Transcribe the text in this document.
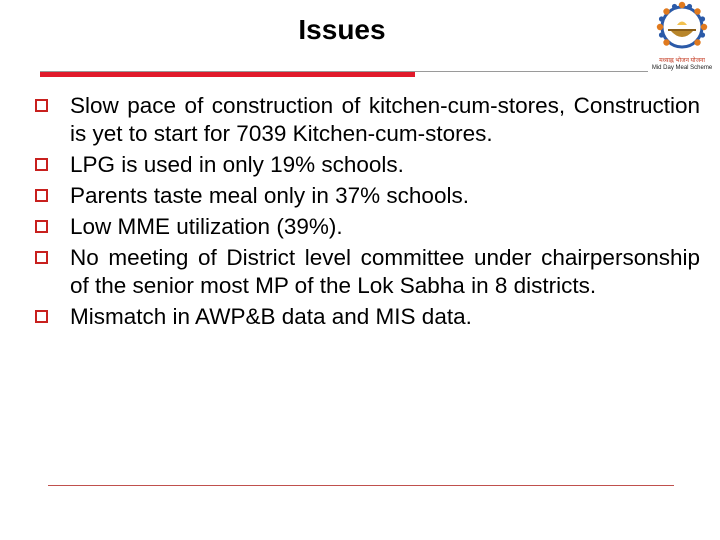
Issues
मध्याह्न भोजन योजना
Mid Day Meal Scheme
Slow pace of construction of kitchen-cum-stores, Construction is yet to start for 7039 Kitchen-cum-stores.
LPG is used in only 19% schools.
Parents taste meal only in 37% schools.
Low MME utilization (39%).
No meeting of District level committee under chairpersonship of the senior most MP of the Lok Sabha in 8 districts.
Mismatch in AWP&B data and MIS data.
